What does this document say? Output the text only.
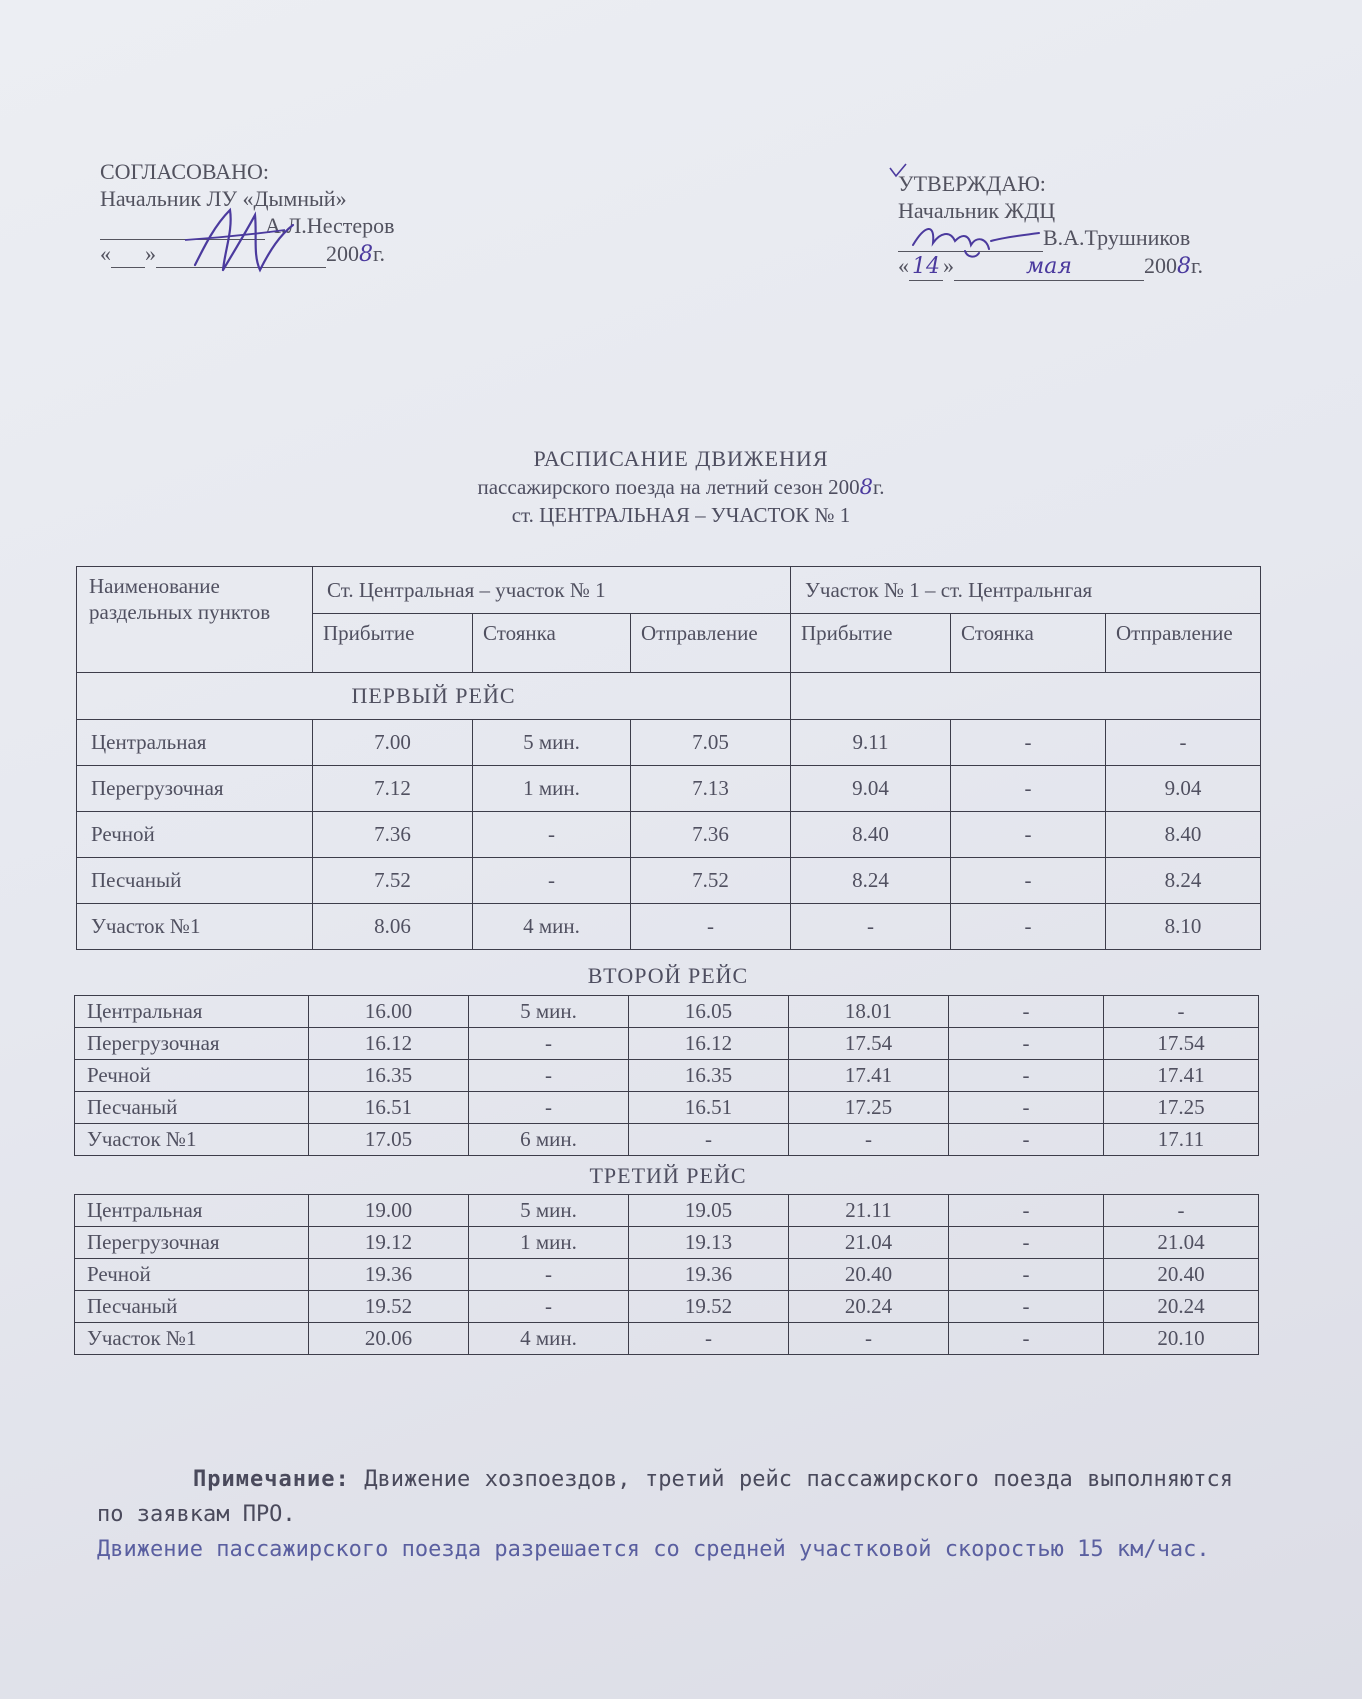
СОГЛАСОВАНО:
Начальник ЛУ «Дымный»
А.Л.Нестеров
« »	2008г.
УТВЕРЖДАЮ:
Начальник ЖДЦ
В.А.Трушников
« 14 »	мая	2008г.
РАСПИСАНИЕ ДВИЖЕНИЯ
пассажирского поезда на летний сезон 2008г.
ст. ЦЕНТРАЛЬНАЯ – УЧАСТОК № 1
Наименование раздельных пунктов	Ст. Центральная – участок № 1			Участок № 1 – ст. Центральнгая		
	Прибытие	Стоянка	Отправление	Прибытие	Стоянка	Отправление
ПЕРВЫЙ РЕЙС						
Центральная	7.00	5 мин.	7.05	9.11	-	-
Перегрузочная	7.12	1 мин.	7.13	9.04	-	9.04
Речной	7.36	-	7.36	8.40	-	8.40
Песчаный	7.52	-	7.52	8.24	-	8.24
Участок №1	8.06	4 мин.	-	-	-	8.10
ВТОРОЙ РЕЙС
Центральная	16.00	5 мин.	16.05	18.01	-	-
Перегрузочная	16.12	-	16.12	17.54	-	17.54
Речной	16.35	-	16.35	17.41	-	17.41
Песчаный	16.51	-	16.51	17.25	-	17.25
Участок №1	17.05	6 мин.	-	-	-	17.11
ТРЕТИЙ РЕЙС
Центральная	19.00	5 мин.	19.05	21.11	-	-
Перегрузочная	19.12	1 мин.	19.13	21.04	-	21.04
Речной	19.36	-	19.36	20.40	-	20.40
Песчаный	19.52	-	19.52	20.24	-	20.24
Участок №1	20.06	4 мин.	-	-	-	20.10

Примечание: Движение хозпоездов, третий рейс пассажирского поезда выполняются по заявкам ПРО.

Движение пассажирского поезда разрешается со средней участковой скоростью 15 км/час.
